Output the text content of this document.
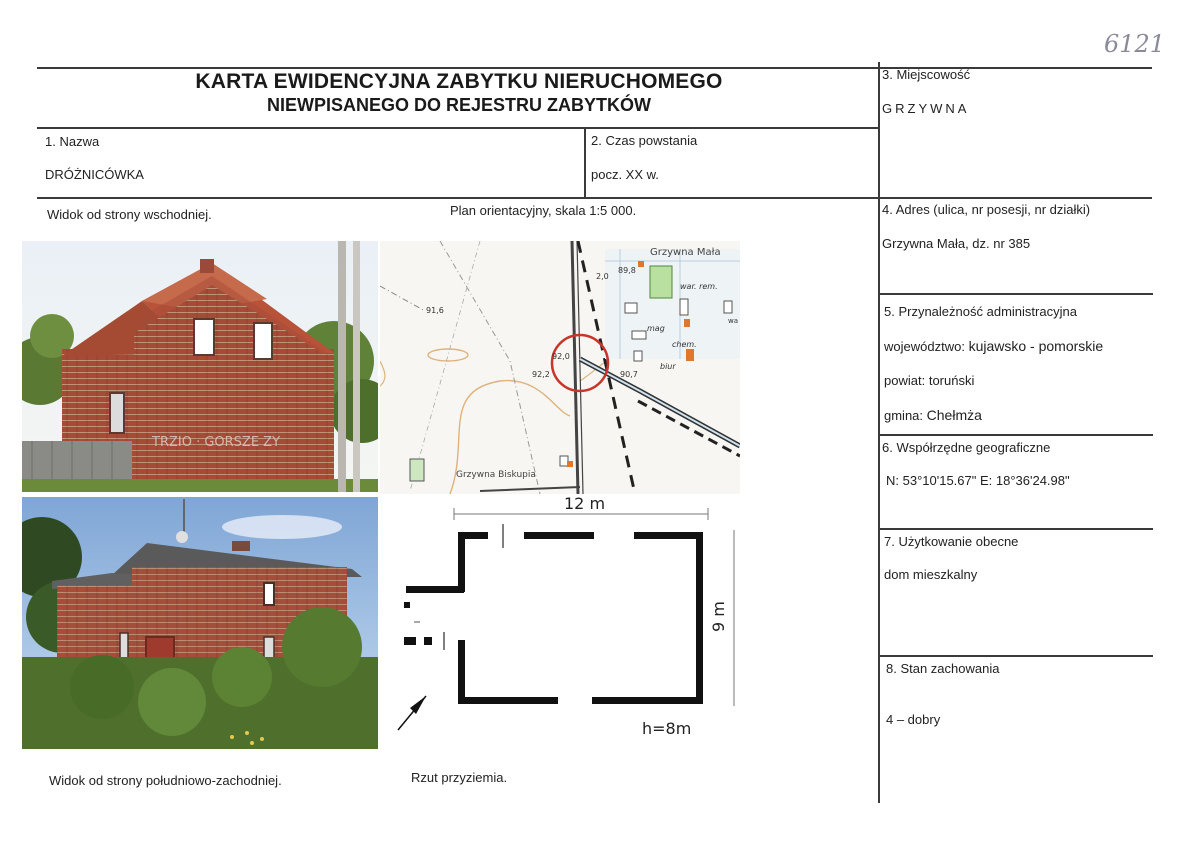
6121
KARTA EWIDENCYJNA ZABYTKU NIERUCHOMEGO
NIEWPISANEGO DO REJESTRU ZABYTKÓW
1. Nazwa
DRÓŻNICÓWKA
2. Czas powstania
pocz. XX w.
3. Miejscowość
GRZYWNA
4. Adres (ulica, nr posesji, nr działki)
Grzywna Mała, dz. nr 385
5. Przynależność administracyjna
województwo: kujawsko - pomorskie
powiat: toruński
gmina: Chełmża
6. Współrzędne geograficzne
N: 53°10'15.67" E: 18°36'24.98"
7. Użytkowanie obecne
dom mieszkalny
8. Stan zachowania
4 – dobry
Widok od strony wschodniej.	Plan orientacyjny, skala 1:5 000.
Widok od strony południowo-zachodniej.	Rzut przyziemia.
TRZIO · GORSZE ZY
Grzywna Mała
Grzywna Biskupia
91,6
92,0
92,2	90,7
89,8
2,0
war. rem.
mag
chem.
biur
wa
12 m
9 m
h=8m
